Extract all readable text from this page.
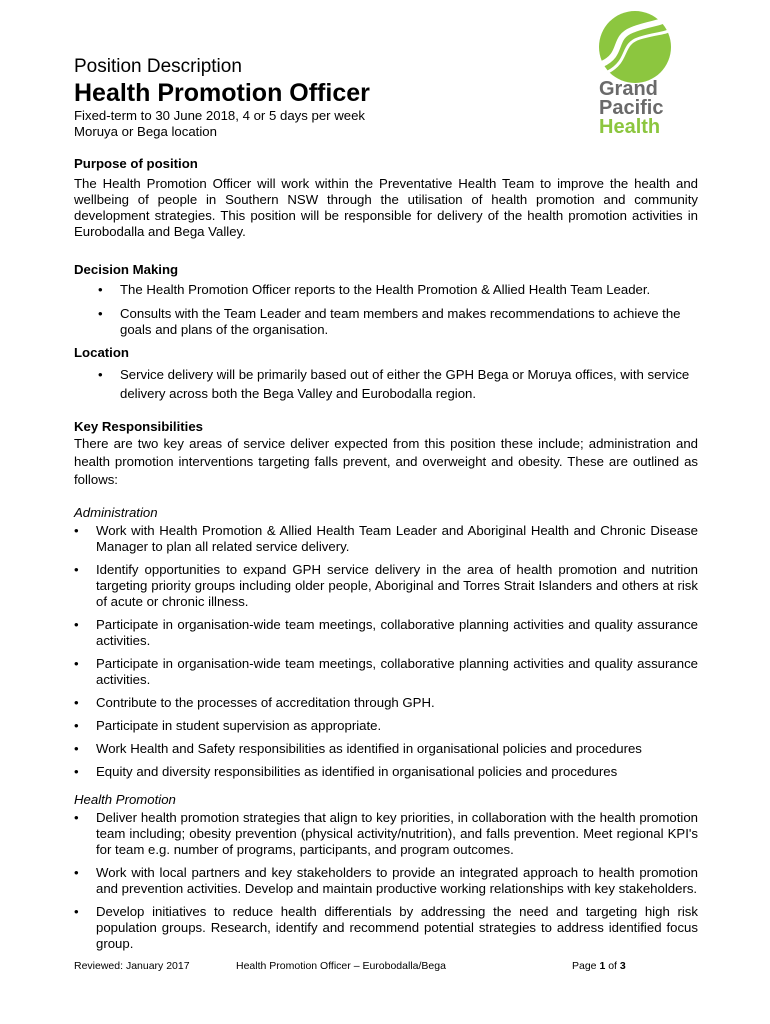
Position Description
Health Promotion Officer
Fixed-term to 30 June 2018, 4 or 5 days per week
Moruya or Bega location
Grand
Pacific
Health
Purpose of position

The Health Promotion Officer will work within the Preventative Health Team to improve the health and wellbeing of people in Southern NSW through the utilisation of health promotion and community development strategies. This position will be responsible for delivery of the health promotion activities in Eurobodalla and Bega Valley.

Decision Making
• The Health Promotion Officer reports to the Health Promotion & Allied Health Team Leader.
• Consults with the Team Leader and team members and makes recommendations to achieve the goals and plans of the organisation.
Location
• Service delivery will be primarily based out of either the GPH Bega or Moruya offices, with service delivery across both the Bega Valley and Eurobodalla region.
Key Responsibilities

There are two key areas of service deliver expected from this position these include; administration and health promotion interventions targeting falls prevent, and overweight and obesity. These are outlined as follows:

Administration
• Work with Health Promotion & Allied Health Team Leader and Aboriginal Health and Chronic Disease Manager to plan all related service delivery.
• Identify opportunities to expand GPH service delivery in the area of health promotion and nutrition targeting priority groups including older people, Aboriginal and Torres Strait Islanders and others at risk of acute or chronic illness.
• Participate in organisation-wide team meetings, collaborative planning activities and quality assurance activities.
• Participate in organisation-wide team meetings, collaborative planning activities and quality assurance activities.
• Contribute to the processes of accreditation through GPH.
• Participate in student supervision as appropriate.
• Work Health and Safety responsibilities as identified in organisational policies and procedures
• Equity and diversity responsibilities as identified in organisational policies and procedures
Health Promotion
• Deliver health promotion strategies that align to key priorities, in collaboration with the health promotion team including; obesity prevention (physical activity/nutrition), and falls prevention. Meet regional KPI's for team e.g. number of programs, participants, and program outcomes.
• Work with local partners and key stakeholders to provide an integrated approach to health promotion and prevention activities. Develop and maintain productive working relationships with key stakeholders.
• Develop initiatives to reduce health differentials by addressing the need and targeting high risk population groups. Research, identify and recommend potential strategies to address identified focus group.
Reviewed: January 2017	Health Promotion Officer – Eurobodalla/Bega	Page 1 of 3
